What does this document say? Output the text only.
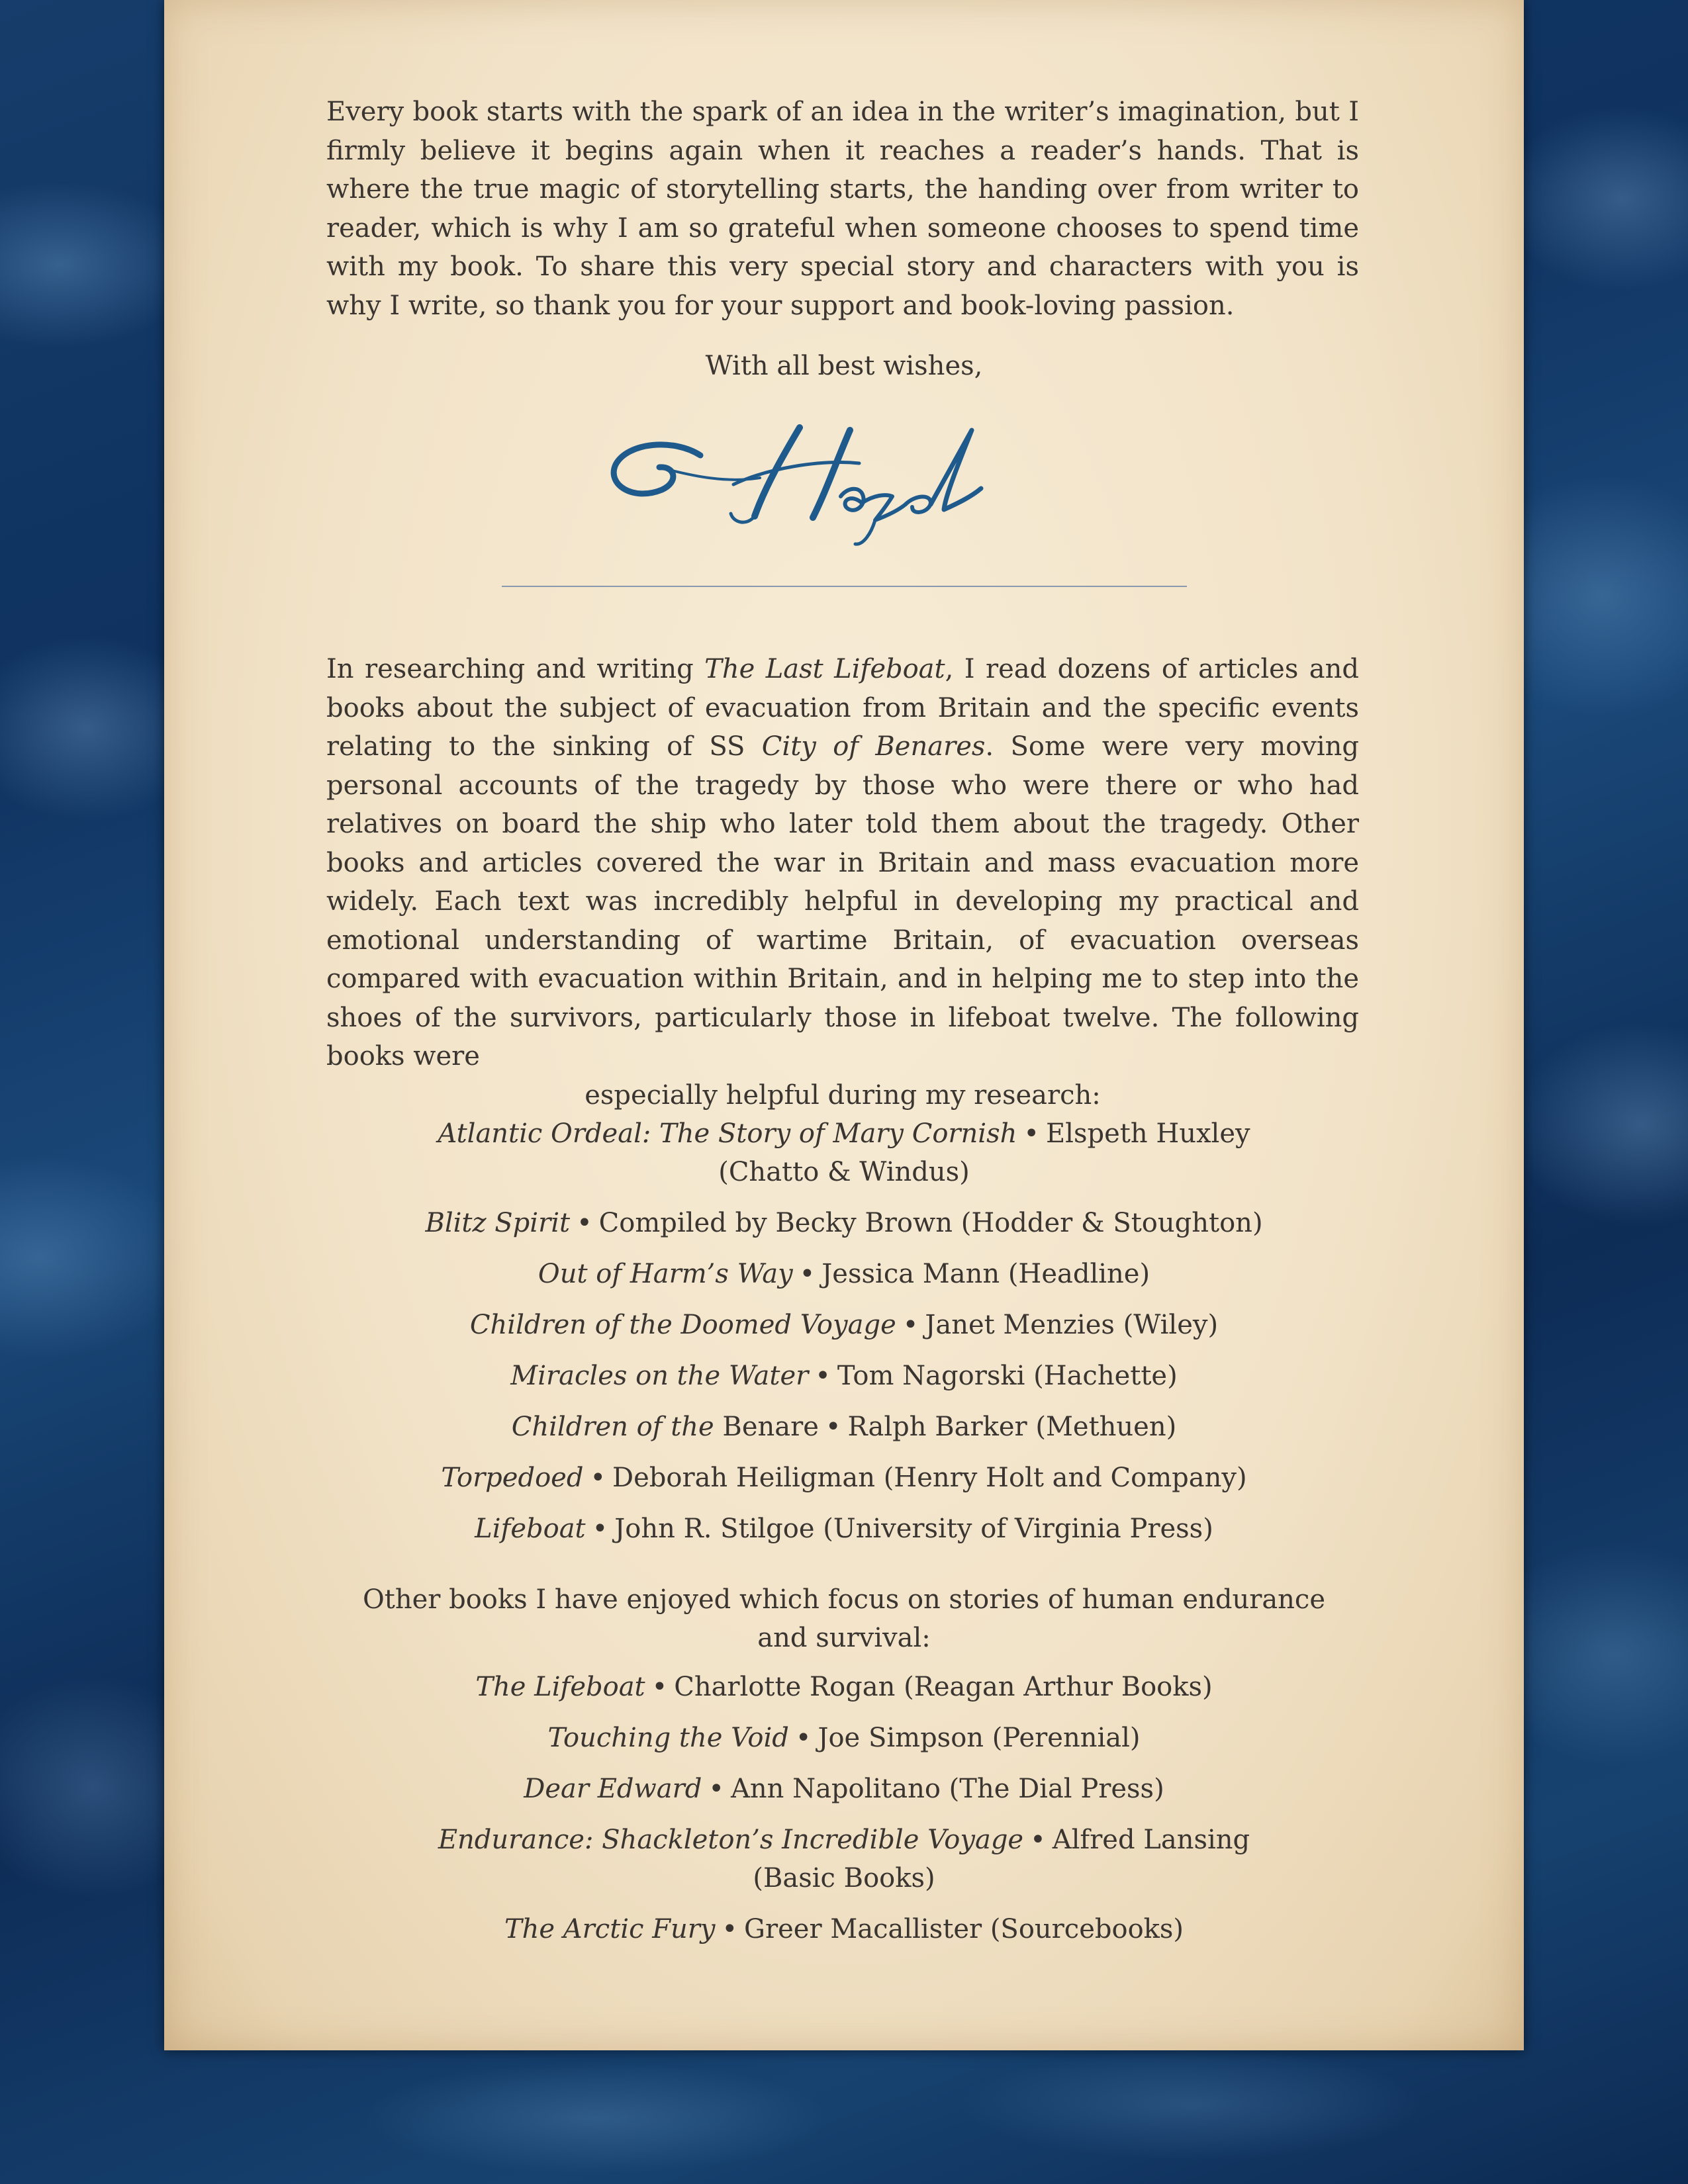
Every book starts with the spark of an idea in the writer’s imagination, but I firmly believe it begins again when it reaches a reader’s hands. That is where the true magic of storytelling starts, the handing over from writer to reader, which is why I am so grateful when someone chooses to spend time with my book. To share this very special story and characters with you is why I write, so thank you for your support and book-loving passion.

With all best wishes,

In researching and writing The Last Lifeboat, I read dozens of articles and books about the subject of evacuation from Britain and the specific events relating to the sinking of SS City of Benares. Some were very moving personal accounts of the tragedy by those who were there or who had relatives on board the ship who later told them about the tragedy. Other books and articles covered the war in Britain and mass evacuation more widely. Each text was incredibly helpful in developing my practical and emotional understanding of wartime Britain, of evacuation overseas compared with evacuation within Britain, and in helping me to step into the shoes of the survivors, particularly those in lifeboat twelve. The following books were
especially helpful during my research:

Atlantic Ordeal: The Story of Mary Cornish • Elspeth Huxley
(Chatto & Windus)
Blitz Spirit • Compiled by Becky Brown (Hodder & Stoughton)
Out of Harm’s Way • Jessica Mann (Headline)
Children of the Doomed Voyage • Janet Menzies (Wiley)
Miracles on the Water • Tom Nagorski (Hachette)
Children of the Benare • Ralph Barker (Methuen)
Torpedoed • Deborah Heiligman (Henry Holt and Company)
Lifeboat • John R. Stilgoe (University of Virginia Press)
Other books I have enjoyed which focus on stories of human endurance
and survival:
The Lifeboat • Charlotte Rogan (Reagan Arthur Books)
Touching the Void • Joe Simpson (Perennial)
Dear Edward • Ann Napolitano (The Dial Press)
Endurance: Shackleton’s Incredible Voyage • Alfred Lansing
(Basic Books)
The Arctic Fury • Greer Macallister (Sourcebooks)
